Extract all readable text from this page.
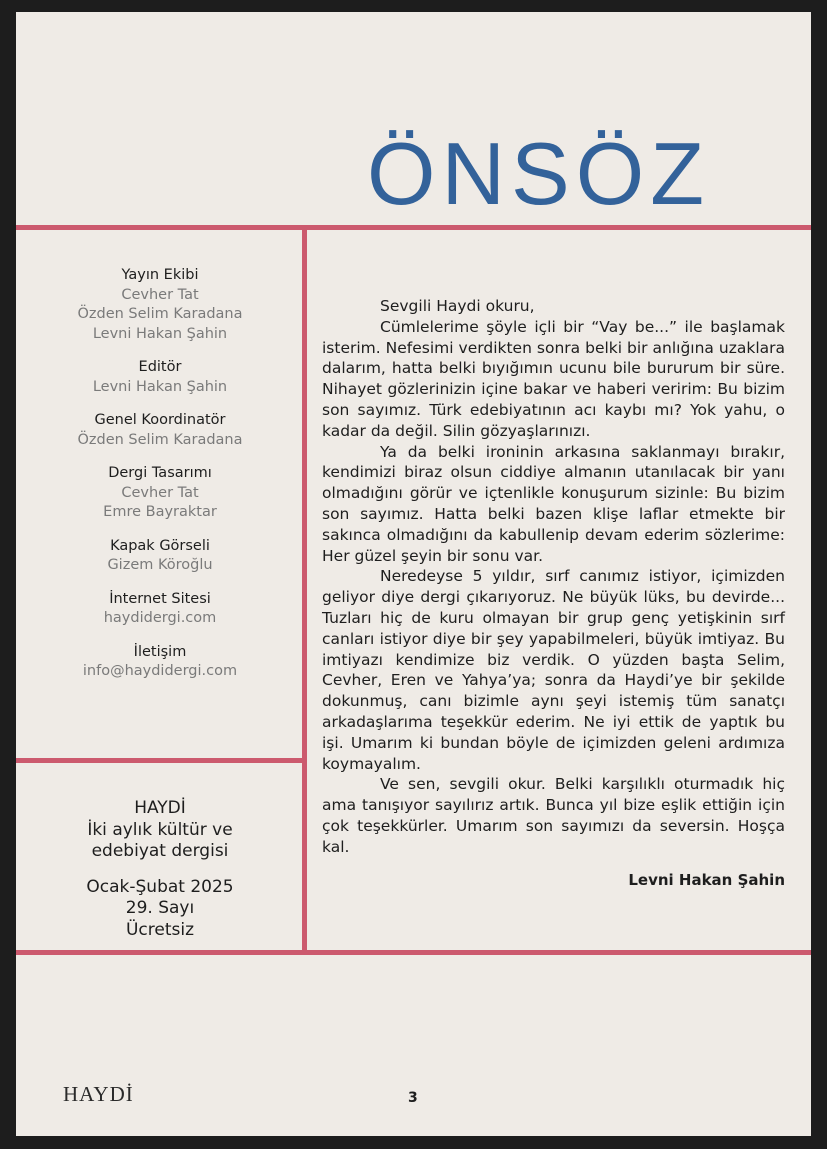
ÖNSÖZ
Yayın Ekibi
Cevher Tat
Özden Selim Karadana
Levni Hakan Şahin
Editör
Levni Hakan Şahin
Genel Koordinatör
Özden Selim Karadana
Dergi Tasarımı
Cevher Tat
Emre Bayraktar
Kapak Görseli
Gizem Köroğlu
İnternet Sitesi
haydidergi.com
İletişim
info@haydidergi.com
HAYDİ
İki aylık kültür ve edebiyat dergisi
Ocak-Şubat 2025
29. Sayı
Ücretsiz

Sevgili Haydi okuru,

Cümlelerime şöyle içli bir “Vay be...” ile başlamak isterim. Nefesimi verdikten sonra belki bir anlığına uzaklara dalarım, hatta belki bıyığımın ucunu bile bururum bir süre. Nihayet gözlerinizin içine bakar ve haberi veririm: Bu bizim son sayımız. Türk edebiyatının acı kaybı mı? Yok yahu, o kadar da değil. Silin gözyaşlarınızı.

Ya da belki ironinin arkasına saklanmayı bırakır, kendimizi biraz olsun ciddiye almanın utanılacak bir yanı olmadığını görür ve içtenlikle konuşurum sizinle: Bu bizim son sayımız. Hatta belki bazen klişe laflar etmekte bir sakınca olmadığını da kabullenip devam ederim sözlerime: Her güzel şeyin bir sonu var.

Neredeyse 5 yıldır, sırf canımız istiyor, içimizden geliyor diye dergi çıkarıyoruz. Ne büyük lüks, bu devirde... Tuzları hiç de kuru olmayan bir grup genç yetişkinin sırf canları istiyor diye bir şey yapabilmeleri, büyük imtiyaz. Bu imtiyazı kendimize biz verdik. O yüzden başta Selim, Cevher, Eren ve Yahya’ya; sonra da Haydi’ye bir şekilde dokunmuş, canı bizimle aynı şeyi istemiş tüm sanatçı arkadaşlarıma teşekkür ederim. Ne iyi ettik de yaptık bu işi. Umarım ki bundan böyle de içimizden geleni ardımıza koymayalım.

Ve sen, sevgili okur. Belki karşılıklı oturmadık hiç ama tanışıyor sayılırız artık. Bunca yıl bize eşlik ettiğin için çok teşekkürler. Umarım son sayımızı da seversin. Hoşça kal.

Levni Hakan Şahin
HAYDİ	3
